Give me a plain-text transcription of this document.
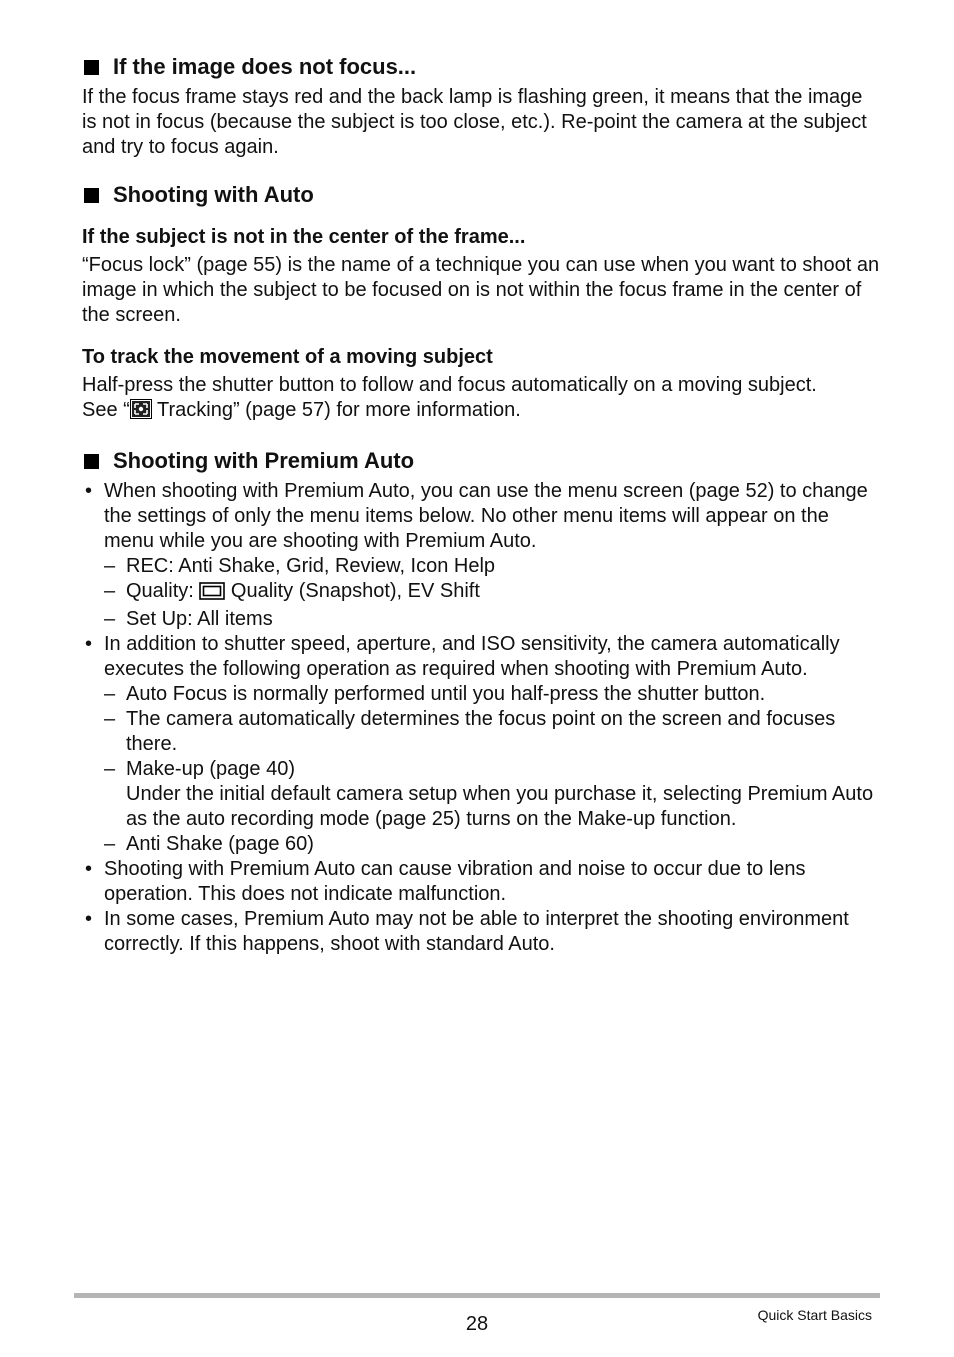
If the image does not focus...

If the focus frame stays red and the back lamp is flashing green, it means that the image is not in focus (because the subject is too close, etc.). Re-point the camera at the subject and try to focus again.

Shooting with Auto
If the subject is not in the center of the frame...

“Focus lock” (page 55) is the name of a technique you can use when you want to shoot an image in which the subject to be focused on is not within the focus frame in the center of the screen.

To track the movement of a moving subject

Half-press the shutter button to follow and focus automatically on a moving subject.
See “ Tracking” (page 57) for more information.

Shooting with Premium Auto
• When shooting with Premium Auto, you can use the menu screen (page 52) to change the settings of only the menu items below. No other menu items will appear on the menu while you are shooting with Premium Auto.
– REC: Anti Shake, Grid, Review, Icon Help
– Quality:  Quality (Snapshot), EV Shift
– Set Up: All items
• In addition to shutter speed, aperture, and ISO sensitivity, the camera automatically executes the following operation as required when shooting with Premium Auto.
– Auto Focus is normally performed until you half-press the shutter button.
– The camera automatically determines the focus point on the screen and focuses there.
– Make-up (page 40)
Under the initial default camera setup when you purchase it, selecting Premium Auto as the auto recording mode (page 25) turns on the Make-up function.
– Anti Shake (page 60)
• Shooting with Premium Auto can cause vibration and noise to occur due to lens operation. This does not indicate malfunction.
• In some cases, Premium Auto may not be able to interpret the shooting environment correctly. If this happens, shoot with standard Auto.
28	Quick Start Basics
